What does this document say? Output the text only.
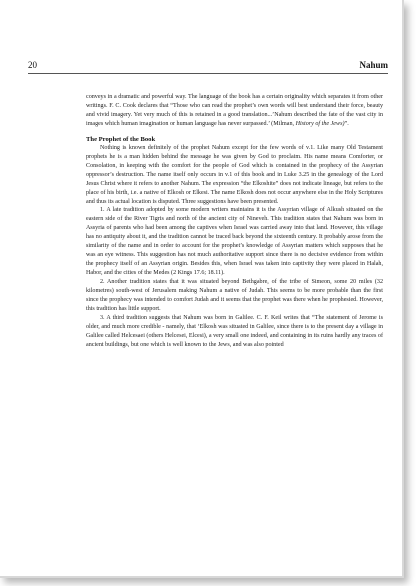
20	Nahum

conveys in a dramatic and powerful way. The language of the book has a certain originality which separates it from other writings. F. C. Cook declares that “Those who can read the prophet’s own words will best understand their force, beauty and vivid imagery. Yet very much of this is retained in a good translation...’Nahum described the fate of the vast city in images which human imagination or human language has never surpassed.’ (Milman, History of the Jews)”.

The Prophet of the Book

Nothing is known definitely of the prophet Nahum except for the few words of v.1. Like many Old Testament prophets he is a man hidden behind the message he was given by God to proclaim. His name means Comforter, or Consolation, in keeping with the comfort for the people of God which is contained in the prophecy of the Assyrian oppressor’s destruction. The name itself only occurs in v.1 of this book and in Luke 3.25 in the genealogy of the Lord Jesus Christ where it refers to another Nahum. The expression “the Elkoshite” does not indicate lineage, but refers to the place of his birth, i.e. a native of Elkosh or Elkesi. The name Elkosh does not occur anywhere else in the Holy Scriptures and thus its actual location is disputed. Three suggestions have been presented.

1. A late tradition adopted by some modern writers maintains it is the Assyrian village of Alkush situated on the eastern side of the River Tigris and north of the ancient city of Nineveh. This tradition states that Nahum was born in Assyria of parents who had been among the captives when Israel was carried away into that land. However, this village has no antiquity about it, and the tradition cannot be traced back beyond the sixteenth century. It probably arose from the similarity of the name and in order to account for the prophet’s knowledge of Assyrian matters which supposes that he was an eye witness. This suggestion has not much authoritative support since there is no decisive evidence from within the prophecy itself of an Assyrian origin. Besides this, when Israel was taken into captivity they were placed in Halah, Habor, and the cities of the Medes (2 Kings 17.6; 18.11).

2. Another tradition states that it was situated beyond Bethgabre, of the tribe of Simeon, some 20 miles (32 kilometres) south-west of Jerusalem making Nahum a native of Judah. This seems to be more probable than the first since the prophecy was intended to comfort Judah and it seems that the prophet was there when he prophesied. However, this tradition has little support.

3. A third tradition suggests that Nahum was born in Galilee. C. F. Keil writes that “The statement of Jerome is older, and much more credible - namely, that ‘Elkosh was situated in Galilee, since there is to the present day a village in Galilee called Helcesaei (others Helcesei, Elcesi), a very small one indeed, and containing in its ruins hardly any traces of ancient buildings, but one which is well known to the Jews, and was also pointed
